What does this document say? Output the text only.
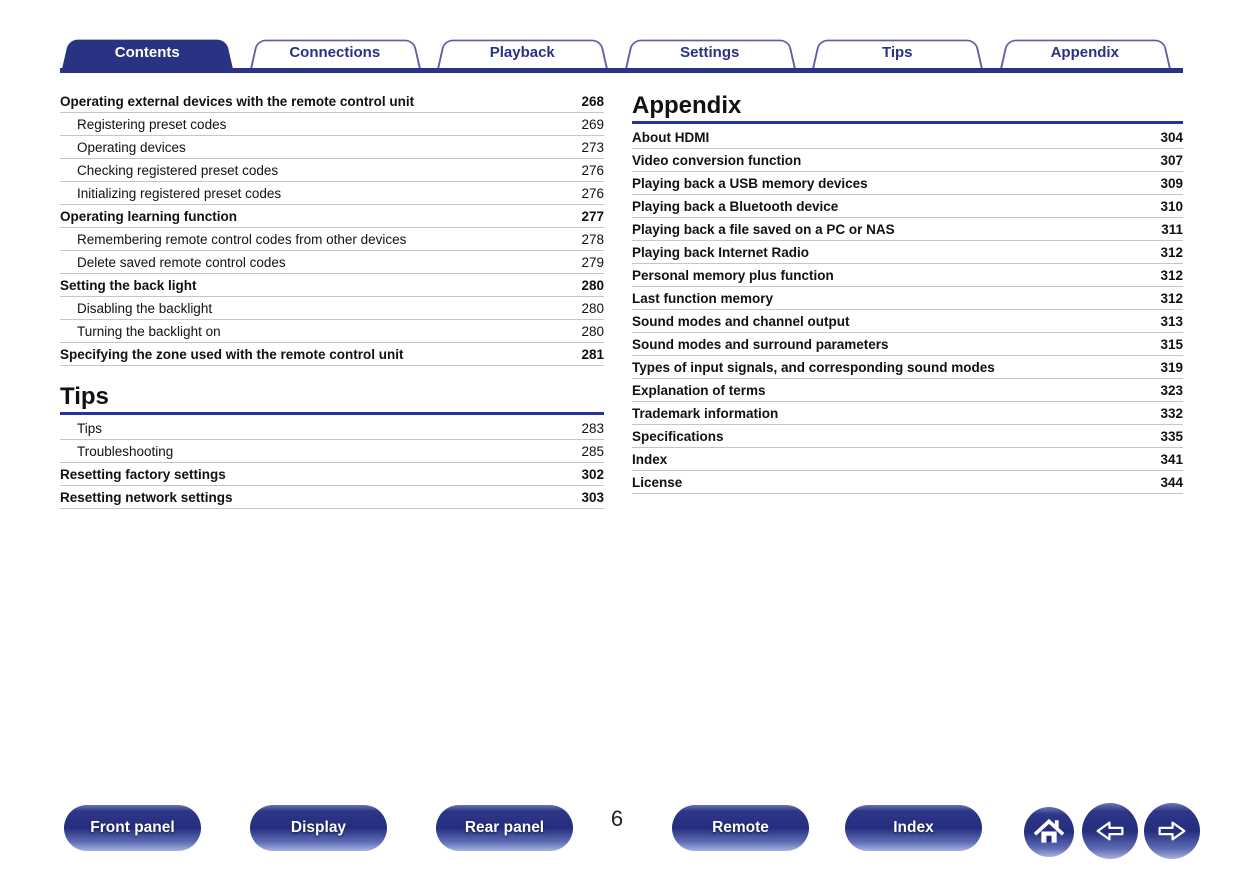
Contents	Connections	Playback	Settings	Tips	Appendix
Operating external devices with the remote control unit	268
Registering preset codes	269
Operating devices	273
Checking registered preset codes	276
Initializing registered preset codes	276
Operating learning function	277
Remembering remote control codes from other devices	278
Delete saved remote control codes	279
Setting the back light	280
Disabling the backlight	280
Turning the backlight on	280
Specifying the zone used with the remote control unit	281
Tips
Tips	283
Troubleshooting	285
Resetting factory settings	302
Resetting network settings	303
Appendix
About HDMI	304
Video conversion function	307
Playing back a USB memory devices	309
Playing back a Bluetooth device	310
Playing back a file saved on a PC or NAS	311
Playing back Internet Radio	312
Personal memory plus function	312
Last function memory	312
Sound modes and channel output	313
Sound modes and surround parameters	315
Types of input signals, and corresponding sound modes	319
Explanation of terms	323
Trademark information	332
Specifications	335
Index	341
License	344
Front panel	Display	Rear panel	6	Remote	Index
